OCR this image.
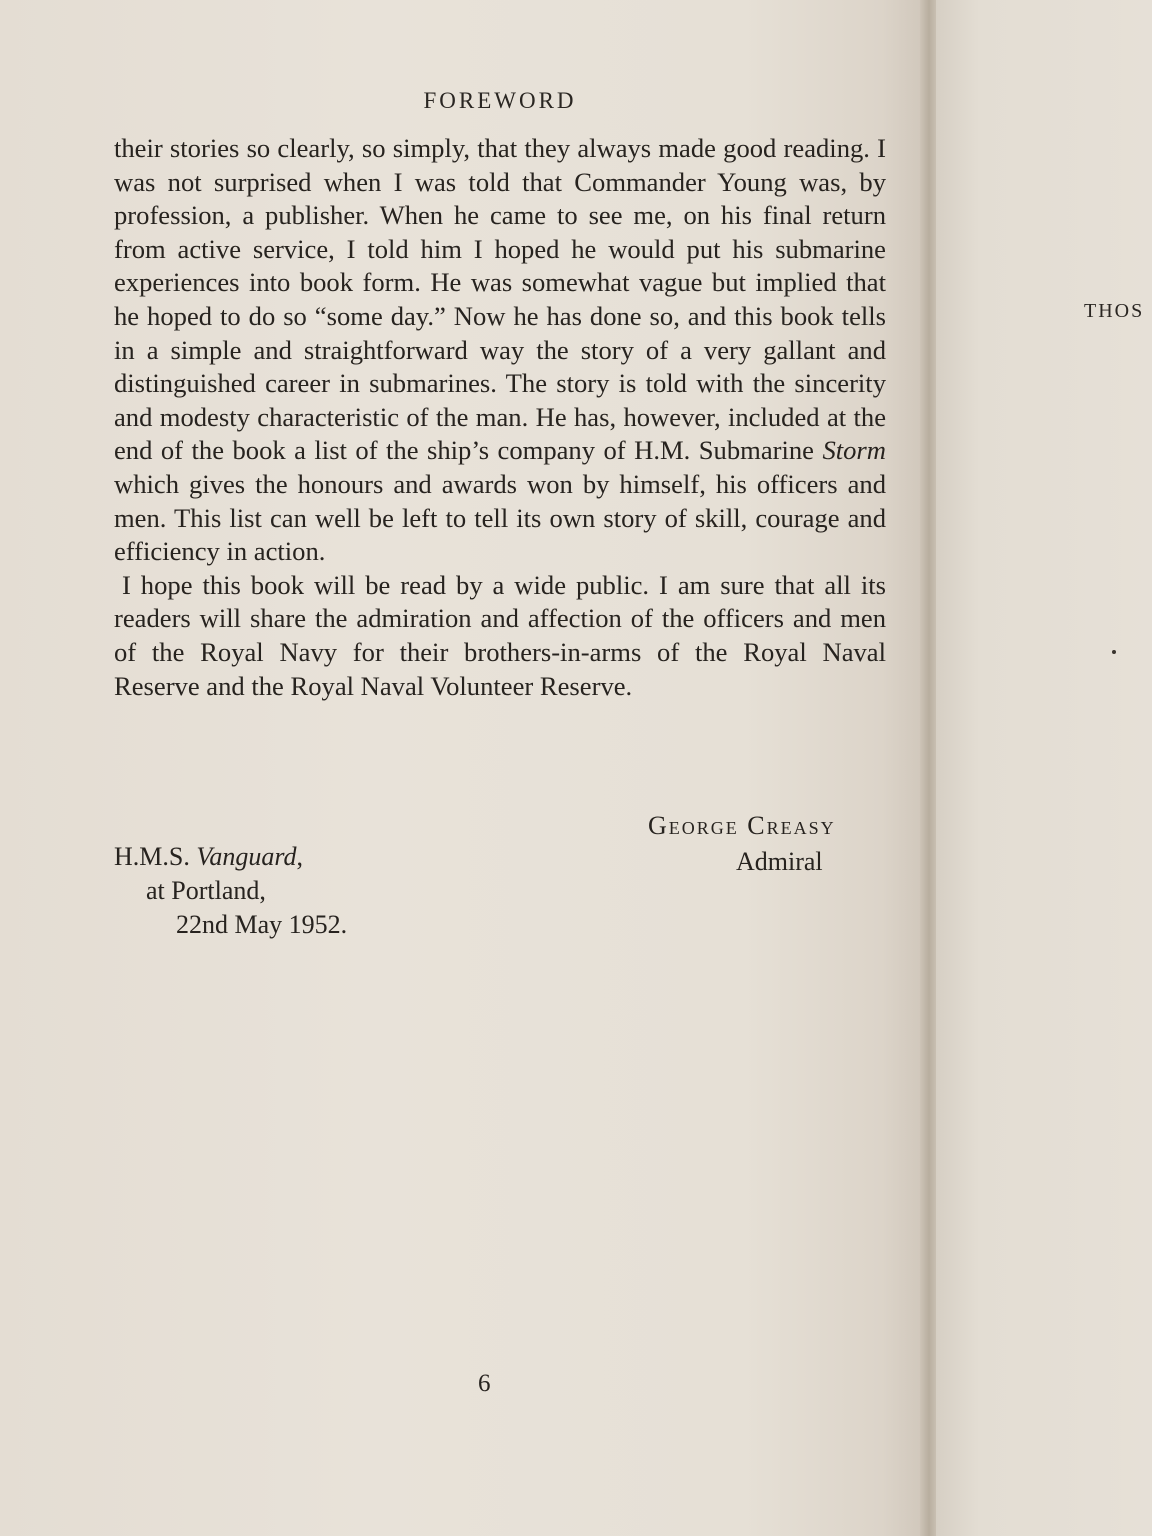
FOREWORD

their stories so clearly, so simply, that they always made good reading. I was not surprised when I was told that Commander Young was, by profession, a publisher. When he came to see me, on his final return from active service, I told him I hoped he would put his submarine experiences into book form. He was somewhat vague but implied that he hoped to do so “some day.” Now he has done so, and this book tells in a simple and straightforward way the story of a very gallant and distinguished career in submarines. The story is told with the sincerity and modesty characteristic of the man. He has, however, included at the end of the book a list of the ship’s company of H.M. Submarine Storm which gives the honours and awards won by himself, his officers and men. This list can well be left to tell its own story of skill, courage and efficiency in action.

I hope this book will be read by a wide public. I am sure that all its readers will share the admiration and affection of the officers and men of the Royal Navy for their brothers-in-arms of the Royal Naval Reserve and the Royal Naval Volunteer Reserve.

George Creasy
Admiral
H.M.S. Vanguard,
at Portland,
22nd May 1952.
6
THOS
